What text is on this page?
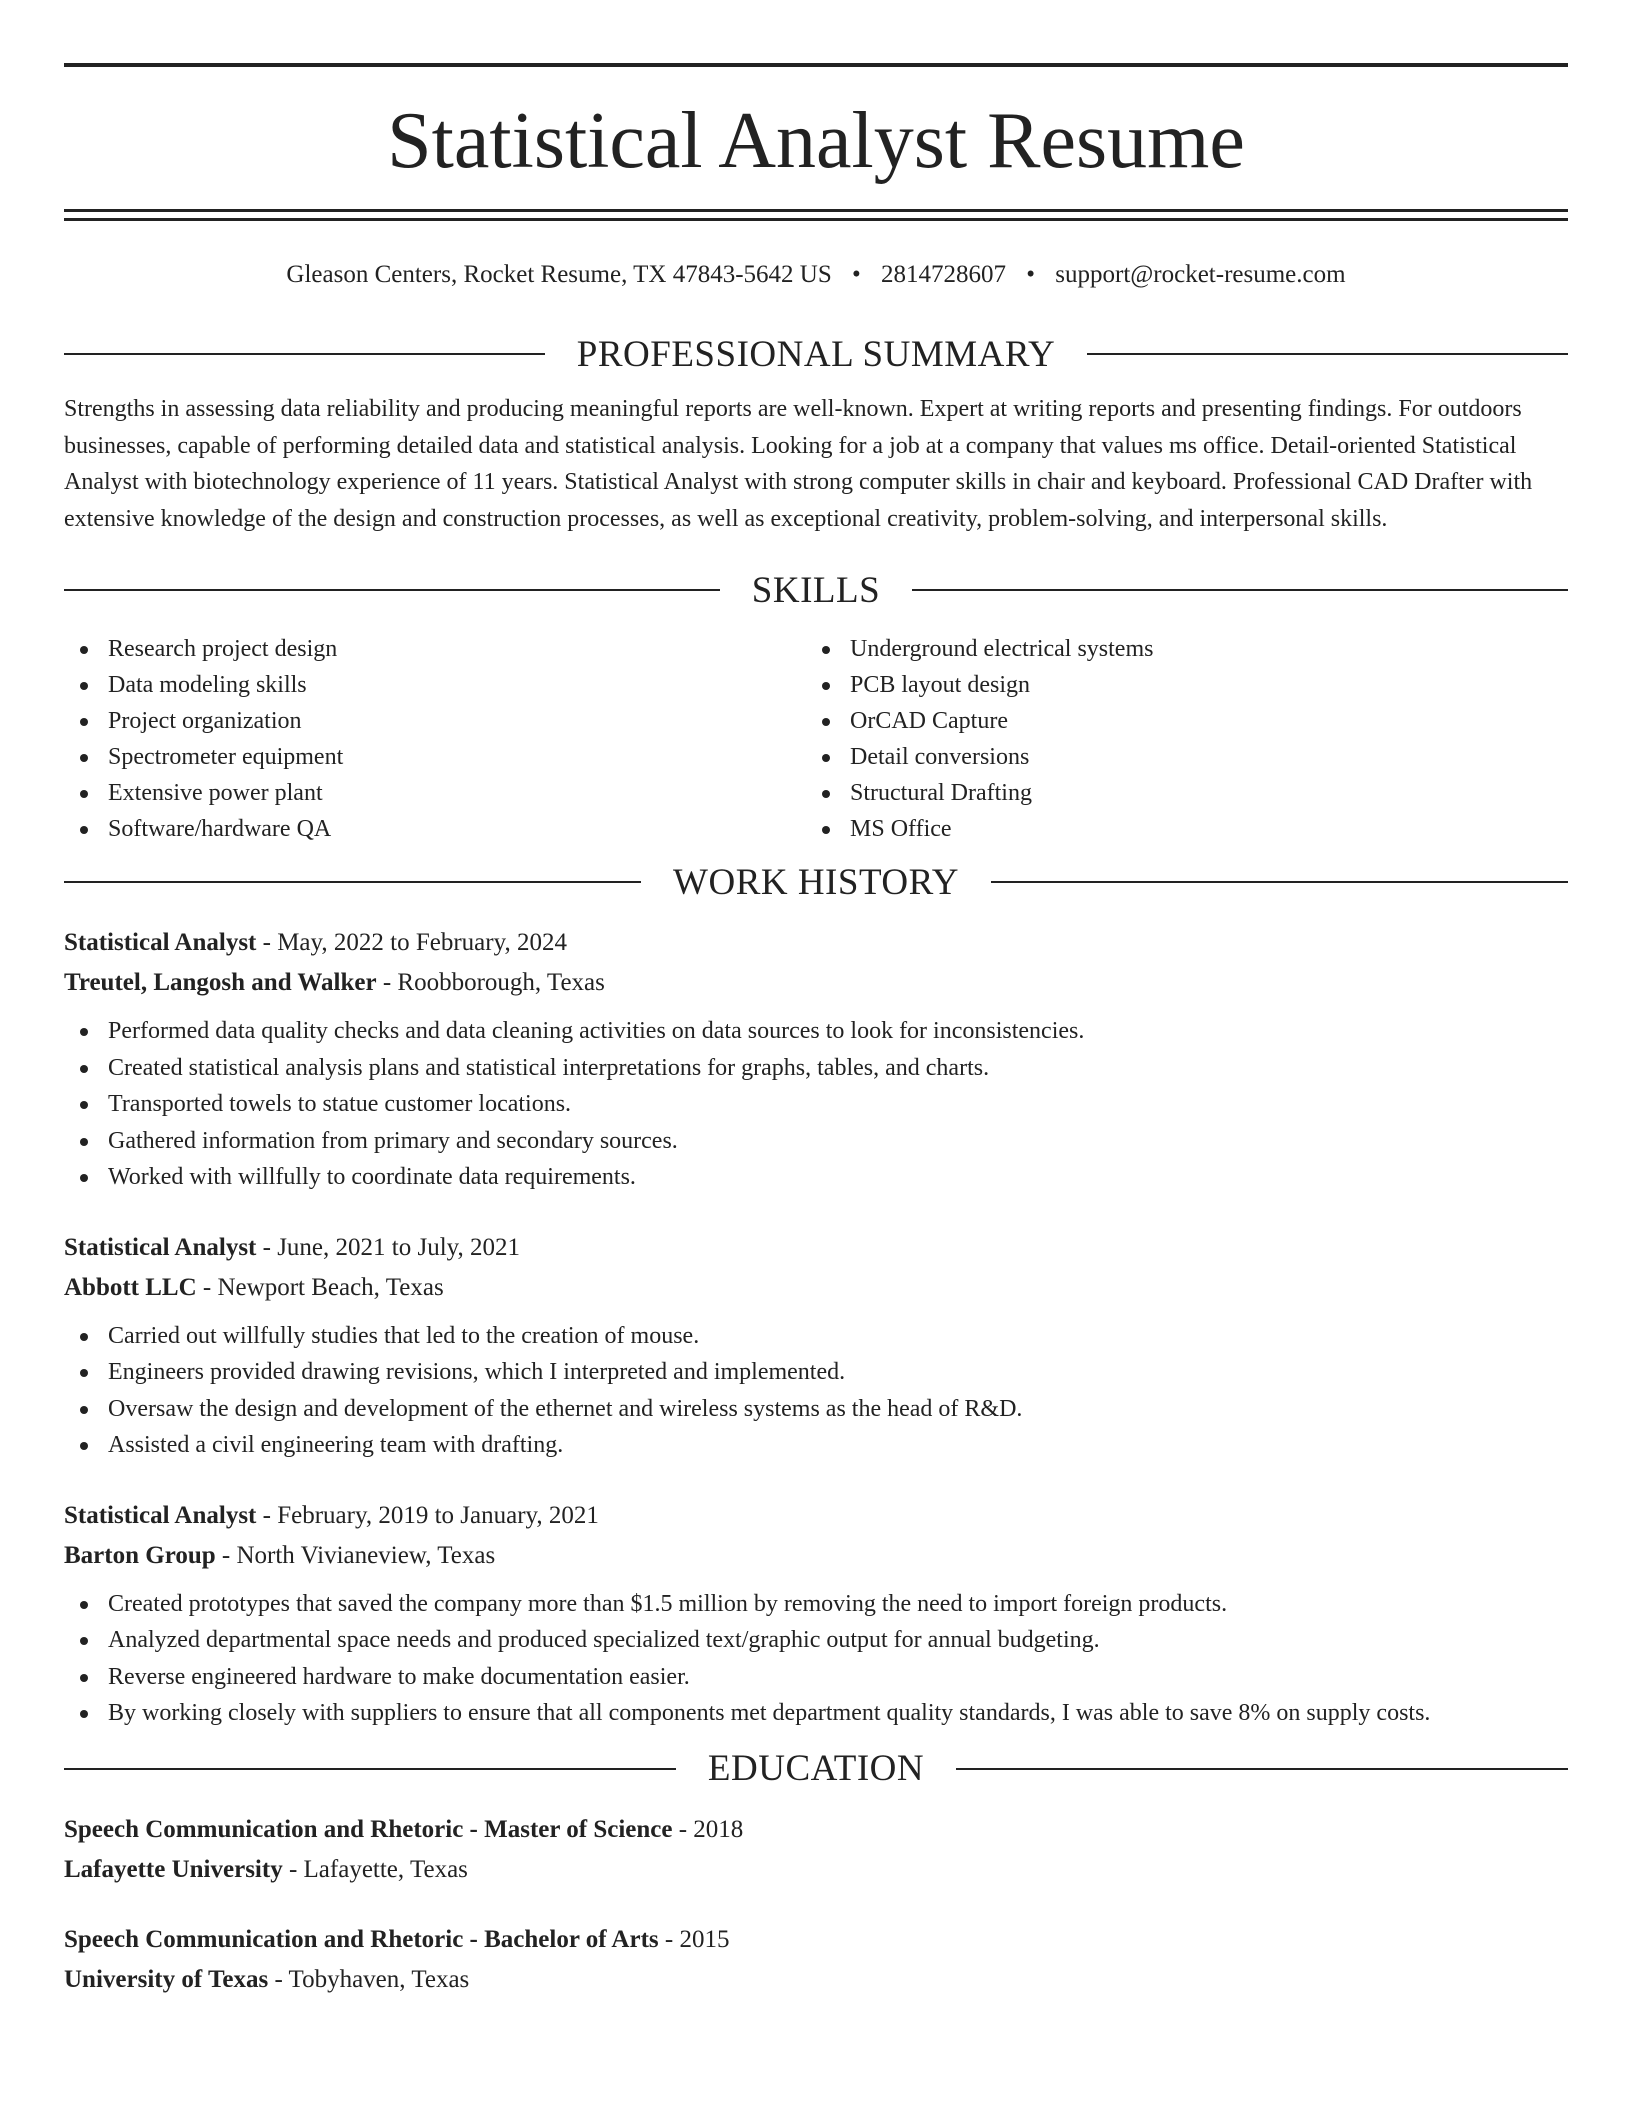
Statistical Analyst Resume
Gleason Centers, Rocket Resume, TX 47843-5642 US • 2814728607 • support@rocket-resume.com
PROFESSIONAL SUMMARY

Strengths in assessing data reliability and producing meaningful reports are well-known. Expert at writing reports and presenting findings. For outdoors businesses, capable of performing detailed data and statistical analysis. Looking for a job at a company that values ms office. Detail-oriented Statistical Analyst with biotechnology experience of 11 years. Statistical Analyst with strong computer skills in chair and keyboard. Professional CAD Drafter with extensive knowledge of the design and construction processes, as well as exceptional creativity, problem-solving, and interpersonal skills.

SKILLS
Research project design
Data modeling skills
Project organization
Spectrometer equipment
Extensive power plant
Software/hardware QA
Underground electrical systems
PCB layout design
OrCAD Capture
Detail conversions
Structural Drafting
MS Office
WORK HISTORY
Statistical Analyst - May, 2022 to February, 2024
Treutel, Langosh and Walker - Roobborough, Texas
Performed data quality checks and data cleaning activities on data sources to look for inconsistencies.
Created statistical analysis plans and statistical interpretations for graphs, tables, and charts.
Transported towels to statue customer locations.
Gathered information from primary and secondary sources.
Worked with willfully to coordinate data requirements.
Statistical Analyst - June, 2021 to July, 2021
Abbott LLC - Newport Beach, Texas
Carried out willfully studies that led to the creation of mouse.
Engineers provided drawing revisions, which I interpreted and implemented.
Oversaw the design and development of the ethernet and wireless systems as the head of R&D.
Assisted a civil engineering team with drafting.
Statistical Analyst - February, 2019 to January, 2021
Barton Group - North Vivianeview, Texas
Created prototypes that saved the company more than $1.5 million by removing the need to import foreign products.
Analyzed departmental space needs and produced specialized text/graphic output for annual budgeting.
Reverse engineered hardware to make documentation easier.
By working closely with suppliers to ensure that all components met department quality standards, I was able to save 8% on supply costs.
EDUCATION
Speech Communication and Rhetoric - Master of Science - 2018
Lafayette University - Lafayette, Texas
Speech Communication and Rhetoric - Bachelor of Arts - 2015
University of Texas - Tobyhaven, Texas
